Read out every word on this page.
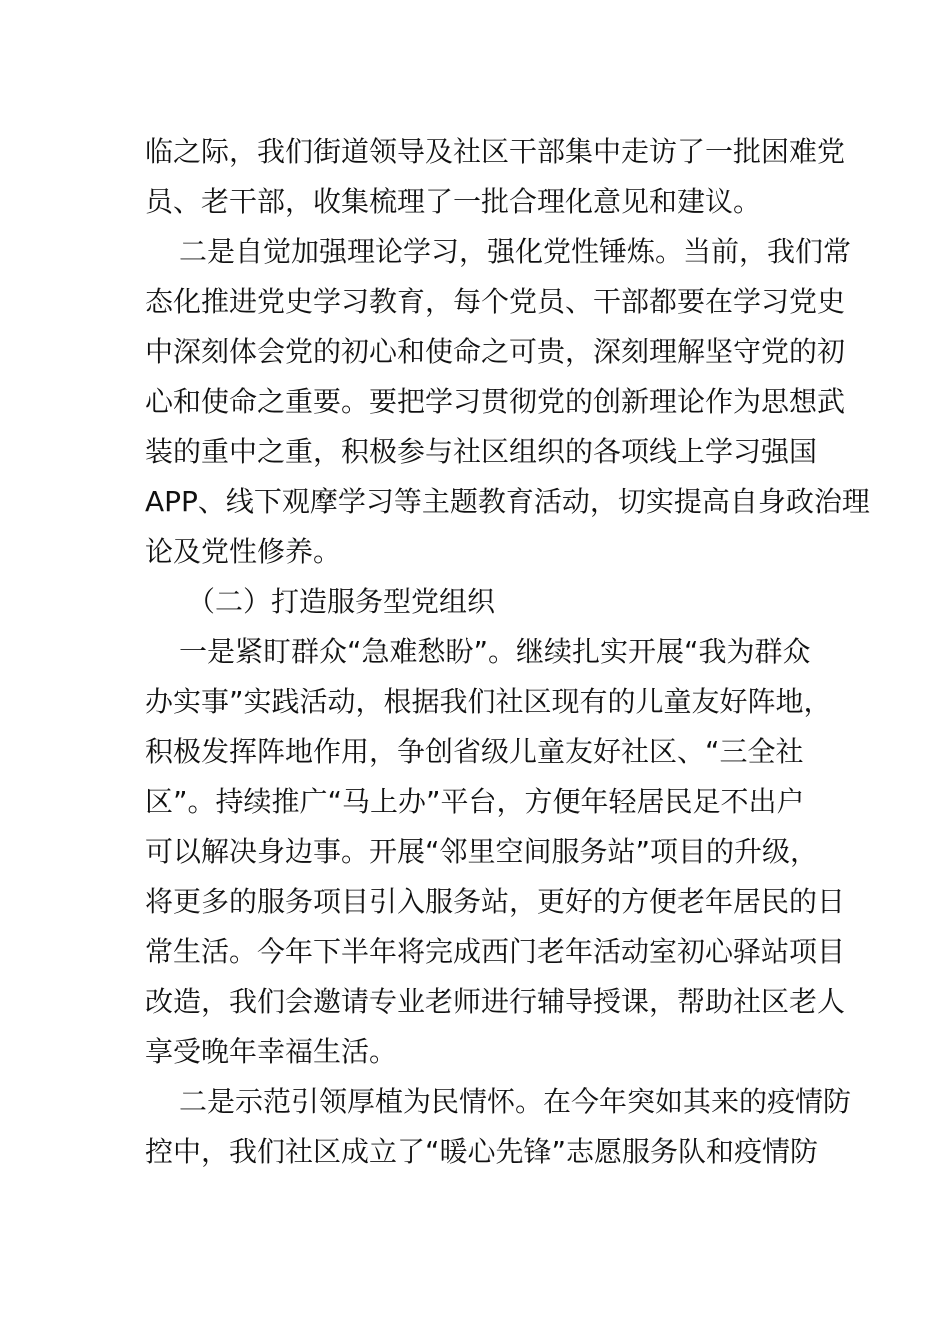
临之际，我们街道领导及社区干部集中走访了一批困难党
员、老干部，收集梳理了一批合理化意见和建议。
二是自觉加强理论学习，强化党性锤炼。当前，我们常
态化推进党史学习教育，每个党员、干部都要在学习党史
中深刻体会党的初心和使命之可贵，深刻理解坚守党的初
心和使命之重要。要把学习贯彻党的创新理论作为思想武
装的重中之重，积极参与社区组织的各项线上学习强国
APP、线下观摩学习等主题教育活动，切实提高自身政治理
论及党性修养。
（二）打造服务型党组织
一是紧盯群众“急难愁盼”。继续扎实开展“我为群众
办实事”实践活动，根据我们社区现有的儿童友好阵地，
积极发挥阵地作用，争创省级儿童友好社区、“三全社
区”。持续推广“马上办”平台，方便年轻居民足不出户
可以解决身边事。开展“邻里空间服务站”项目的升级，
将更多的服务项目引入服务站，更好的方便老年居民的日
常生活。今年下半年将完成西门老年活动室初心驿站项目
改造，我们会邀请专业老师进行辅导授课，帮助社区老人
享受晚年幸福生活。
二是示范引领厚植为民情怀。在今年突如其来的疫情防
控中，我们社区成立了“暖心先锋”志愿服务队和疫情防
